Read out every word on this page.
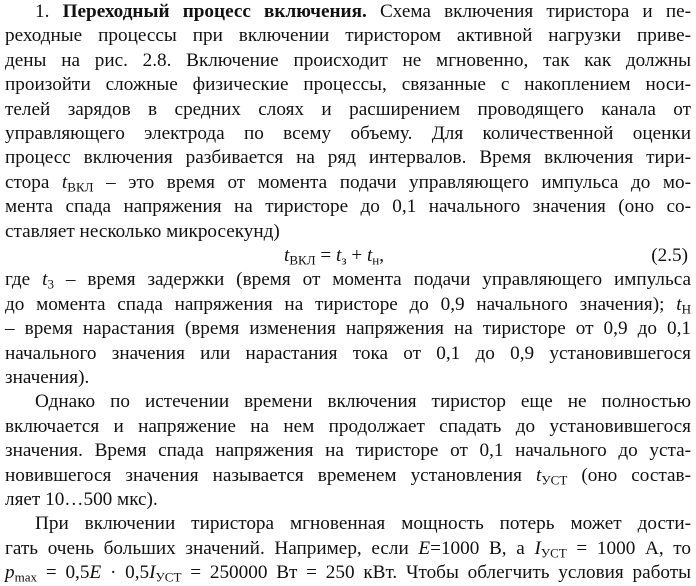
1. Переходный процесс включения. Схема включения тиристора и пе-
реходные процессы при включении тиристором активной нагрузки приве-
дены на рис. 2.8. Включение происходит не мгновенно, так как должны
произойти сложные физические процессы, связанные с накоплением носи-
телей зарядов в средних слоях и расширением проводящего канала от
управляющего электрода по всему объему. Для количественной оценки
процесс включения разбивается на ряд интервалов. Время включения тири-
стора $t_{ВКЛ}$ – это время от момента подачи управляющего импульса до мо-
мента спада напряжения на тиристоре до 0,1 начального значения (оно со-
ставляет несколько микросекунд)
$t_{ВКЛ} = t_з + t_н$,	(2.5)
где $t_3$ – время задержки (время от момента подачи управляющего импульса
до момента спада напряжения на тиристоре до 0,9 начального значения); $t_Н$
– время нарастания (время изменения напряжения на тиристоре от 0,9 до 0,1
начального значения или нарастания тока от 0,1 до 0,9 установившегося
значения).
Однако по истечении времени включения тиристор еще не полностью
включается и напряжение на нем продолжает спадать до установившегося
значения. Время спада напряжения на тиристоре от 0,1 начального до уста-
новившегося значения называется временем установления $t_{УСТ}$ (оно состав-
ляет 10…500 мкс).
При включении тиристора мгновенная мощность потерь может дости-
гать очень больших значений. Например, если E=1000 В, а $I_{УСТ} = 1000$ А, то
$p_{max} = 0,5E \cdot 0,5I_{УСТ} = 250000$ Вт = 250 кВт. Чтобы облегчить условия работы
